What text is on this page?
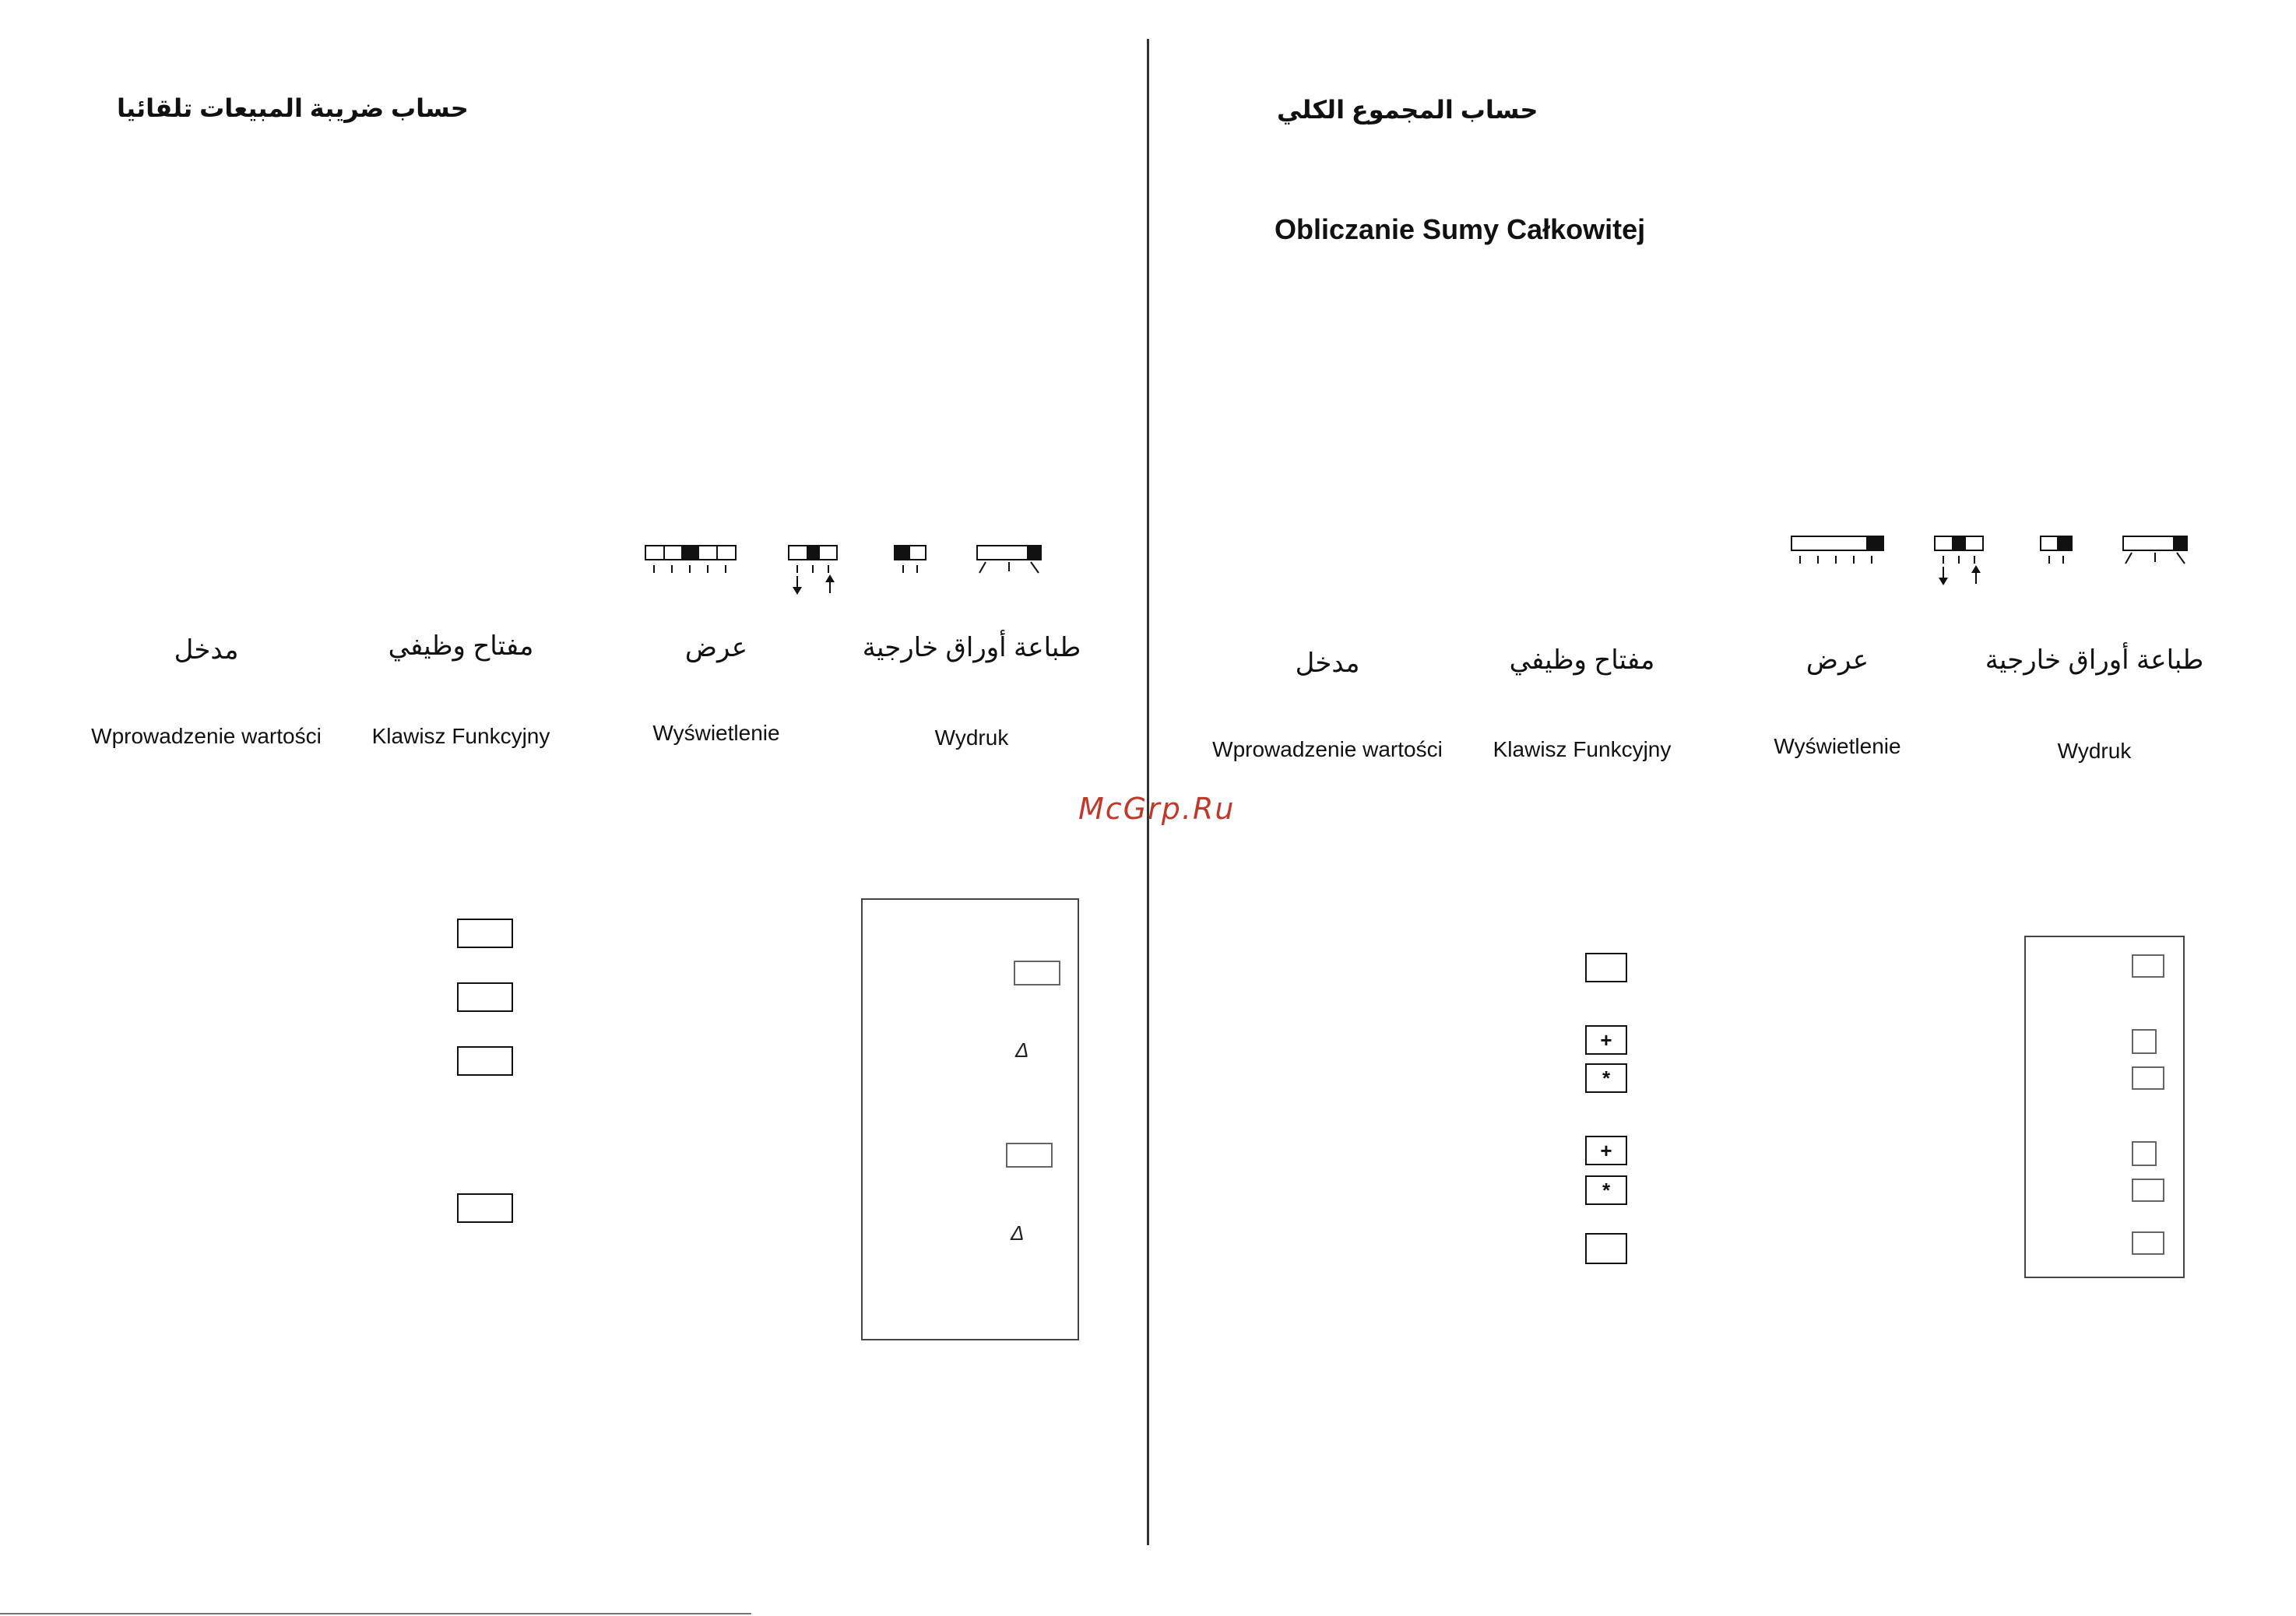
حساب ضريبة المبيعات تلقائيا
مدخل	مفتاح وظيفي	عرض	طباعة أوراق خارجية
Wprowadzenie wartości	Klawisz Funkcyjny	Wyświetlenie	Wydruk
Δ
Δ
حساب المجموع الكلي
Obliczanie Sumy Całkowitej
مدخل	مفتاح وظيفي	عرض	طباعة أوراق خارجية
Wprowadzenie wartości	Klawisz Funkcyjny	Wyświetlenie	Wydruk
+
*
+
*
McGrp.Ru
